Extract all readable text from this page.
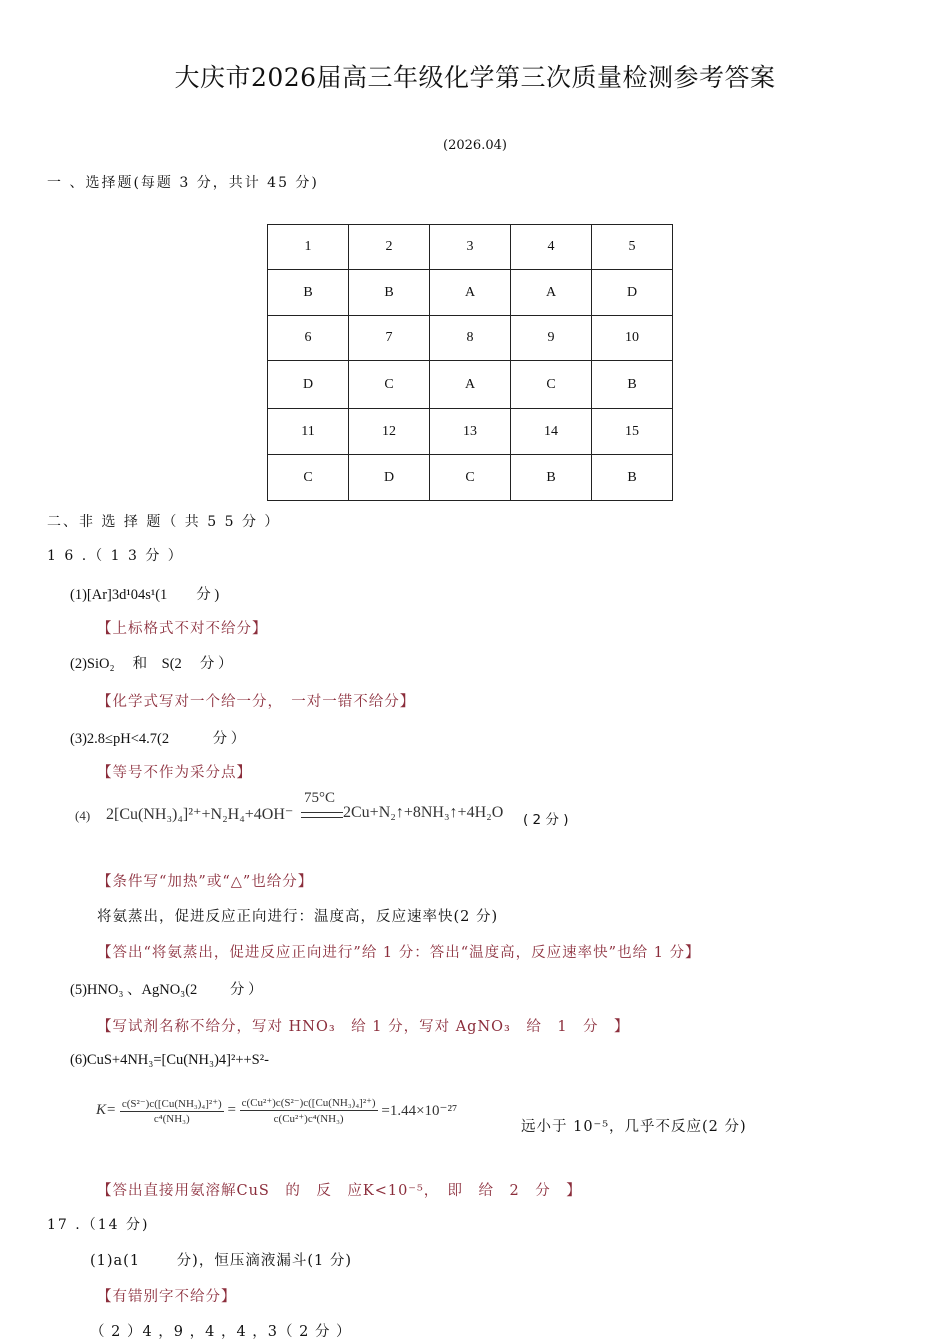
大庆市2026届高三年级化学第三次质量检测参考答案
(2026.04)
一 、选择题(每题 3 分，共计 45 分)
1	2	3	4	5
B	B	A	A	D
6	7	8	9	10
D	C	A	C	B
11	12	13	14	15
C	D	C	B	B
二、非 选 择 题（ 共 5 5 分 ）
1 6 .（ 1 3 分 ）
(1)[Ar]3d¹04s¹(1　　分 )
【上标格式不对不给分】
(2)SiO₂　 和　S(2　 分 ）
【化学式写对一个给一分，　一对一错不给分】
(3)2.8≤pH<4.7(2　　　分 ）
【等号不作为采分点】
(4) 2[Cu(NH₃)₄]²⁺+N₂H₄+4OH⁻
75°C
2Cu+N₂↑+8NH₃↑+4H₂O ( 2 分 )
【条件写“加热”或“△”也给分】
将氨蒸出，促进反应正向进行：温度高，反应速率快(2 分)
【答出“将氨蒸出，促进反应正向进行”给 1 分：答出“温度高，反应速率快”也给 1 分】
(5)HNO₃ 、AgNO₃(2　　 分 ）
【写试剂名称不给分，写对 HNO₃　给 1 分，写对 AgNO₃　给　1　分　】
(6)CuS+4NH₃=[Cu(NH₃)4]²++S²-
$K= \frac{\text{c(S²⁻)c([Cu(NH₃)₄]²⁺)}}{\text{c⁴(NH₃)}} = \frac{\text{c(Cu²⁺)c(S²⁻)c([Cu(NH₃)₄]²⁺)}}{\text{c(Cu²⁺)c⁴(NH₃)}} =1.44\times 10^{-27}$
远小于 10⁻⁵，几乎不反应(2 分)
【答出直接用氨溶解CuS　的　反　应K<10⁻⁵，　即　给　2　分　】
17 .（14 分)
(1)a(1　　 分)，恒压滴液漏斗(1 分)
【有错别字不给分】
（ 2 ）4 ，9 ，4 ，4 ，3（ 2 分 ）
